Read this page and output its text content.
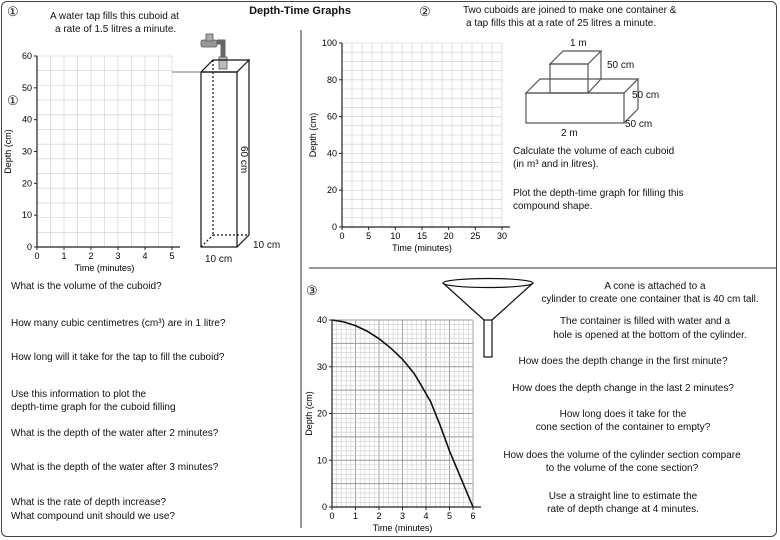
Depth-Time Graphs
①	A water tap fills this cuboid at
a rate of 1.5 litres a minute.
①
0 1 2 3 4 5
0
10
20
30
40
50
60
Time (minutes)
Depth (cm)
0 5 10 15 20 25 30
0
20
40
60
80
100
Time (minutes)
Depth (cm)
0 1 2 3 4 5 6
0
10
20
30
40
Time (minutes)
Depth (cm)
60 cm
10 cm
10 cm
What is the volume of the cuboid?
How many cubic centimetres (cm³) are in 1 litre?
How long will it take for the tap to fill the cuboid?
Use this information to plot the
depth-time graph for the cuboid filling
What is the depth of the water after 2 minutes?
What is the depth of the water after 3 minutes?
What is the rate of depth increase?
What compound unit should we use?
②	Two cuboids are joined to make one container &
a tap fills this at a rate of 25 litres a minute.
1 m
50 cm
50 cm
50 cm
2 m
Calculate the volume of each cuboid
(in m³ and in litres).
Plot the depth-time graph for filling this
compound shape.
③	A cone is attached to a
cylinder to create one container that is 40 cm tall.
The container is filled with water and a
hole is opened at the bottom of the cylinder.
How does the depth change in the first minute?
How does the depth change in the last 2 minutes?
How long does it take for the
cone section of the container to empty?
How does the volume of the cylinder section compare
to the volume of the cone section?
Use a straight line to estimate the
rate of depth change at 4 minutes.
